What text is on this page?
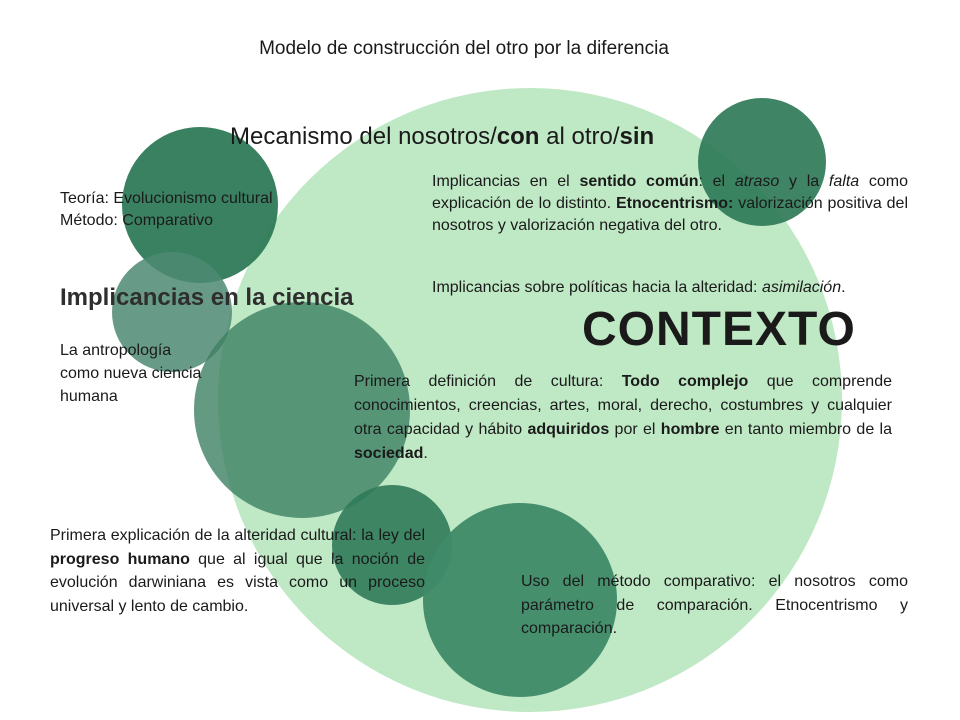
Modelo de construcción del otro por la diferencia
Mecanismo del nosotros/con al otro/sin
Teoría: Evolucionismo cultural
Método: Comparativo
Implicancias en el sentido común: el atraso y la falta como explicación de lo distinto. Etnocentrismo: valorización positiva del nosotros y valorización negativa del otro.
Implicancias sobre políticas hacia la alteridad: asimilación.
Implicancias en la ciencia
CONTEXTO
La antropología
como nueva ciencia
humana
Primera definición de cultura: Todo complejo que comprende conocimientos, creencias, artes, moral, derecho, costumbres y cualquier otra capacidad y hábito adquiridos por el hombre en tanto miembro de la sociedad.
Primera explicación de la alteridad cultural: la ley del progreso humano que al igual que la noción de evolución darwiniana es vista como un proceso universal y lento de cambio.
Uso del método comparativo: el nosotros como parámetro de comparación. Etnocentrismo y comparación.
